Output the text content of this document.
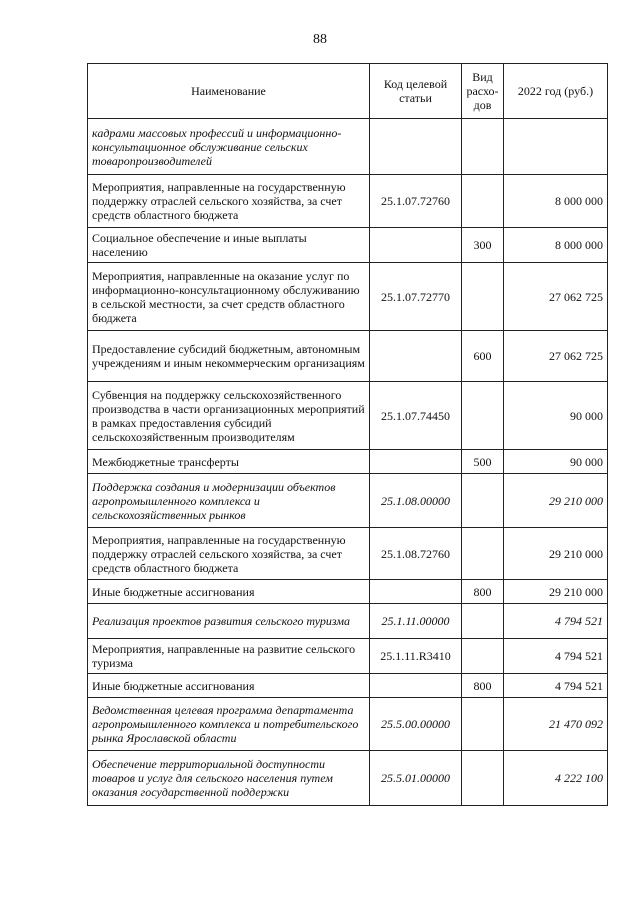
88
Наименование	Код целевой статьи	Вид расхо-дов	2022 год (руб.)
кадрами массовых профессий и информационно-консультационное обслуживание сельских товаропроизводителей			
Мероприятия, направленные на государственную поддержку отраслей сельского хозяйства, за счет средств областного бюджета	25.1.07.72760		8 000 000
Социальное обеспечение и иные выплаты населению		300	8 000 000
Мероприятия, направленные на оказание услуг по информационно-консультационному обслуживанию в сельской местности, за счет средств областного бюджета	25.1.07.72770		27 062 725
Предоставление субсидий бюджетным, автономным учреждениям и иным некоммерческим организациям		600	27 062 725
Субвенция на поддержку сельскохозяйственного производства в части организационных мероприятий в рамках предоставления субсидий сельскохозяйственным производителям	25.1.07.74450		90 000
Межбюджетные трансферты		500	90 000
Поддержка создания и модернизации объектов агропромышленного комплекса и сельскохозяйственных рынков	25.1.08.00000		29 210 000
Мероприятия, направленные на государственную поддержку отраслей сельского хозяйства, за счет средств областного бюджета	25.1.08.72760		29 210 000
Иные бюджетные ассигнования		800	29 210 000
Реализация проектов развития сельского туризма	25.1.11.00000		4 794 521
Мероприятия, направленные на развитие сельского туризма	25.1.11.R3410		4 794 521
Иные бюджетные ассигнования		800	4 794 521
Ведомственная целевая программа департамента агропромышленного комплекса и потребительского рынка Ярославской области	25.5.00.00000		21 470 092
Обеспечение территориальной доступности товаров и услуг для сельского населения путем оказания государственной поддержки	25.5.01.00000		4 222 100
